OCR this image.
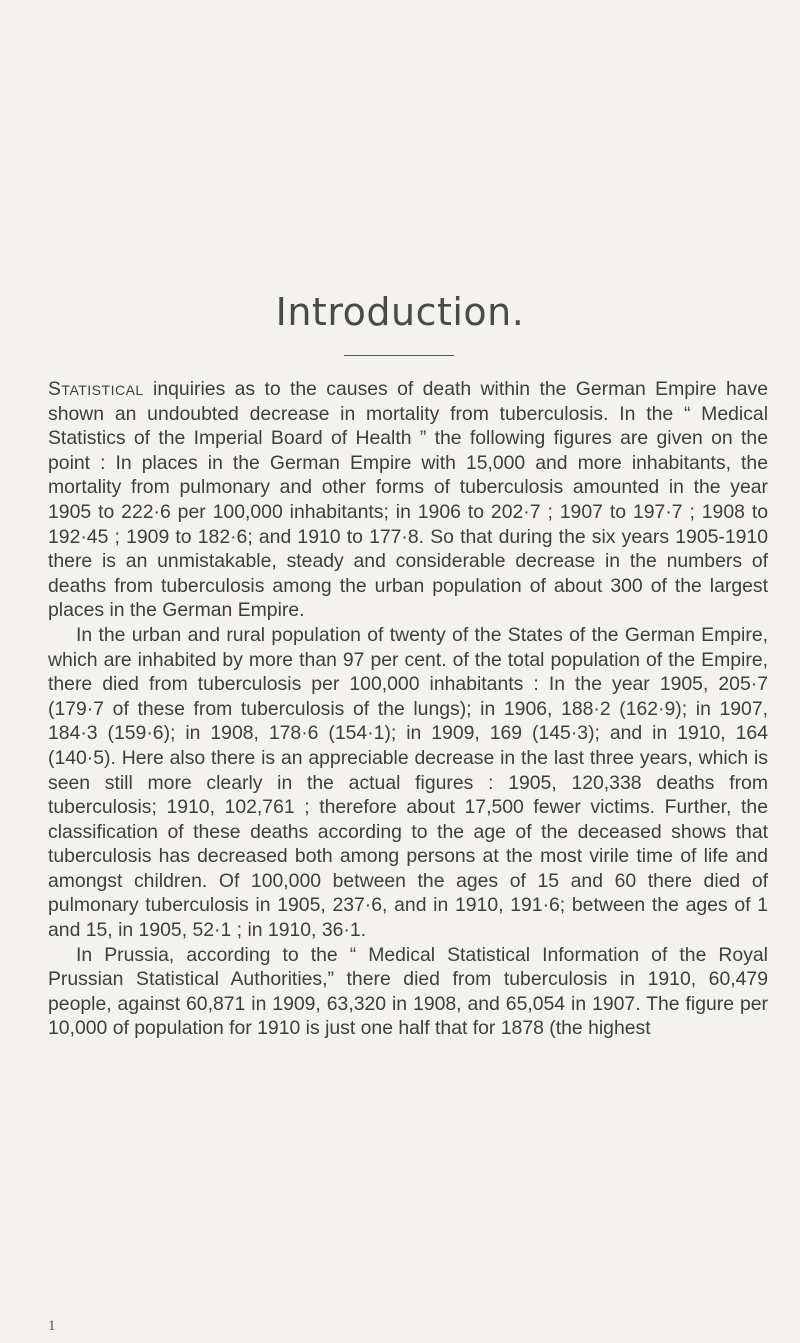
Introduction.

Statistical inquiries as to the causes of death within the German Empire have shown an undoubted decrease in mortality from tuberculosis. In the “ Medical Statistics of the Imperial Board of Health ” the following figures are given on the point : In places in the German Empire with 15,000 and more inhabitants, the mortality from pulmonary and other forms of tuberculosis amounted in the year 1905 to 222·6 per 100,000 inhabitants; in 1906 to 202·7 ; 1907 to 197·7 ; 1908 to 192·45 ; 1909 to 182·6; and 1910 to 177·8. So that during the six years 1905-1910 there is an unmistakable, steady and considerable decrease in the numbers of deaths from tuberculosis among the urban population of about 300 of the largest places in the German Empire.

In the urban and rural population of twenty of the States of the German Empire, which are inhabited by more than 97 per cent. of the total population of the Empire, there died from tuberculosis per 100,000 inhabitants : In the year 1905, 205·7 (179·7 of these from tuberculosis of the lungs); in 1906, 188·2 (162·9); in 1907, 184·3 (159·6); in 1908, 178·6 (154·1); in 1909, 169 (145·3); and in 1910, 164 (140·5). Here also there is an appreciable decrease in the last three years, which is seen still more clearly in the actual figures : 1905, 120,338 deaths from tuberculosis; 1910, 102,761 ; therefore about 17,500 fewer victims. Further, the classification of these deaths according to the age of the deceased shows that tuberculosis has decreased both among persons at the most virile time of life and amongst children. Of 100,000 between the ages of 15 and 60 there died of pulmonary tuberculosis in 1905, 237·6, and in 1910, 191·6; between the ages of 1 and 15, in 1905, 52·1 ; in 1910, 36·1.

In Prussia, according to the “ Medical Statistical Information of the Royal Prussian Statistical Authorities,” there died from tuberculosis in 1910, 60,479 people, against 60,871 in 1909, 63,320 in 1908, and 65,054 in 1907. The figure per 10,000 of population for 1910 is just one half that for 1878 (the highest

1
